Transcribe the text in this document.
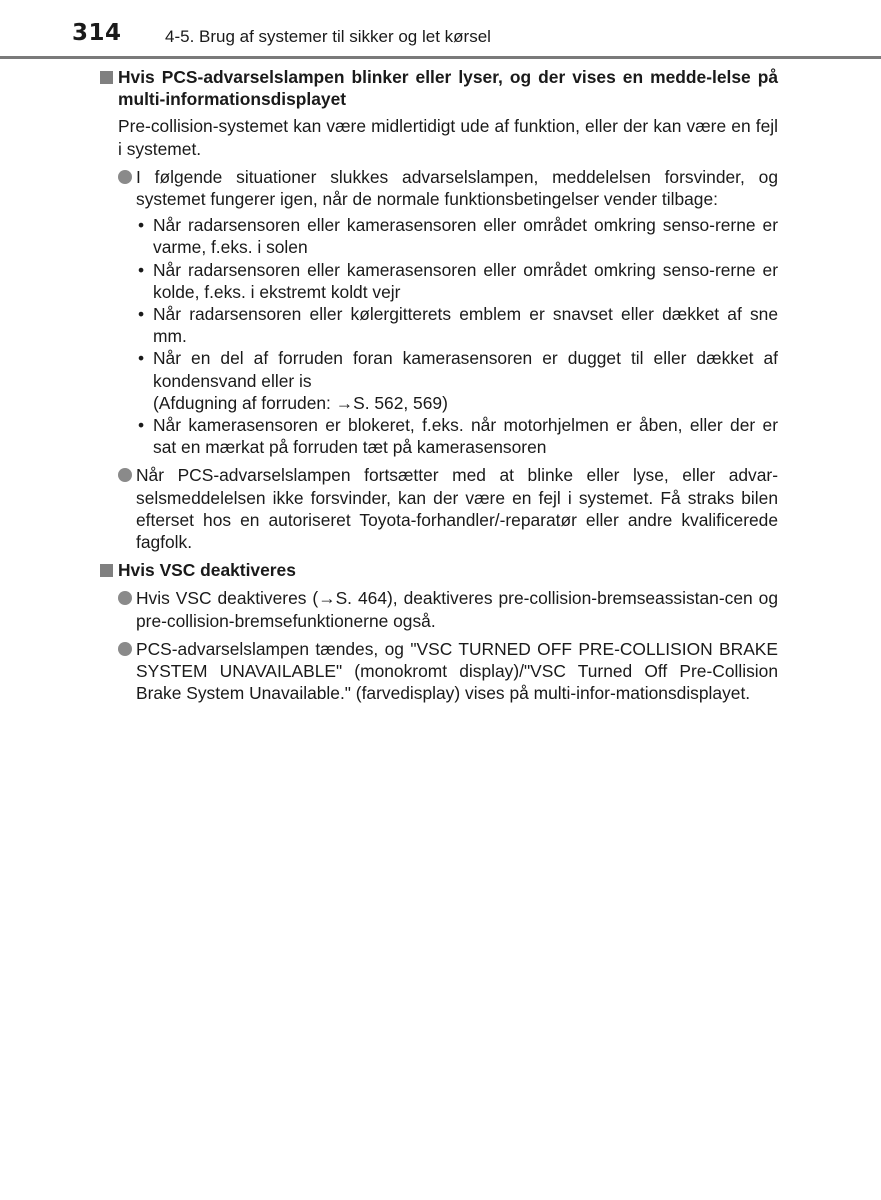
314	4-5. Brug af systemer til sikker og let kørsel
Hvis PCS-advarselslampen blinker eller lyser, og der vises en medde-lelse på multi-informationsdisplayet
Pre-collision-systemet kan være midlertidigt ude af funktion, eller der kan være en fejl i systemet.
I følgende situationer slukkes advarselslampen, meddelelsen forsvinder, og systemet fungerer igen, når de normale funktionsbetingelser vender tilbage:
• Når radarsensoren eller kamerasensoren eller området omkring senso-rerne er varme, f.eks. i solen
• Når radarsensoren eller kamerasensoren eller området omkring senso-rerne er kolde, f.eks. i ekstremt koldt vejr
• Når radarsensoren eller kølergitterets emblem er snavset eller dækket af sne mm.
• Når en del af forruden foran kamerasensoren er dugget til eller dækket af kondensvand eller is
(Afdugning af forruden: →S. 562, 569)
• Når kamerasensoren er blokeret, f.eks. når motorhjelmen er åben, eller der er sat en mærkat på forruden tæt på kamerasensoren
Når PCS-advarselslampen fortsætter med at blinke eller lyse, eller advar-selsmeddelelsen ikke forsvinder, kan der være en fejl i systemet. Få straks bilen efterset hos en autoriseret Toyota-forhandler/-reparatør eller andre kvalificerede fagfolk.
Hvis VSC deaktiveres
Hvis VSC deaktiveres (→S. 464), deaktiveres pre-collision-bremseassistan-cen og pre-collision-bremsefunktionerne også.
PCS-advarselslampen tændes, og "VSC TURNED OFF PRE-COLLISION BRAKE SYSTEM UNAVAILABLE" (monokromt display)/"VSC Turned Off Pre-Collision Brake System Unavailable." (farvedisplay) vises på multi-infor-mationsdisplayet.
